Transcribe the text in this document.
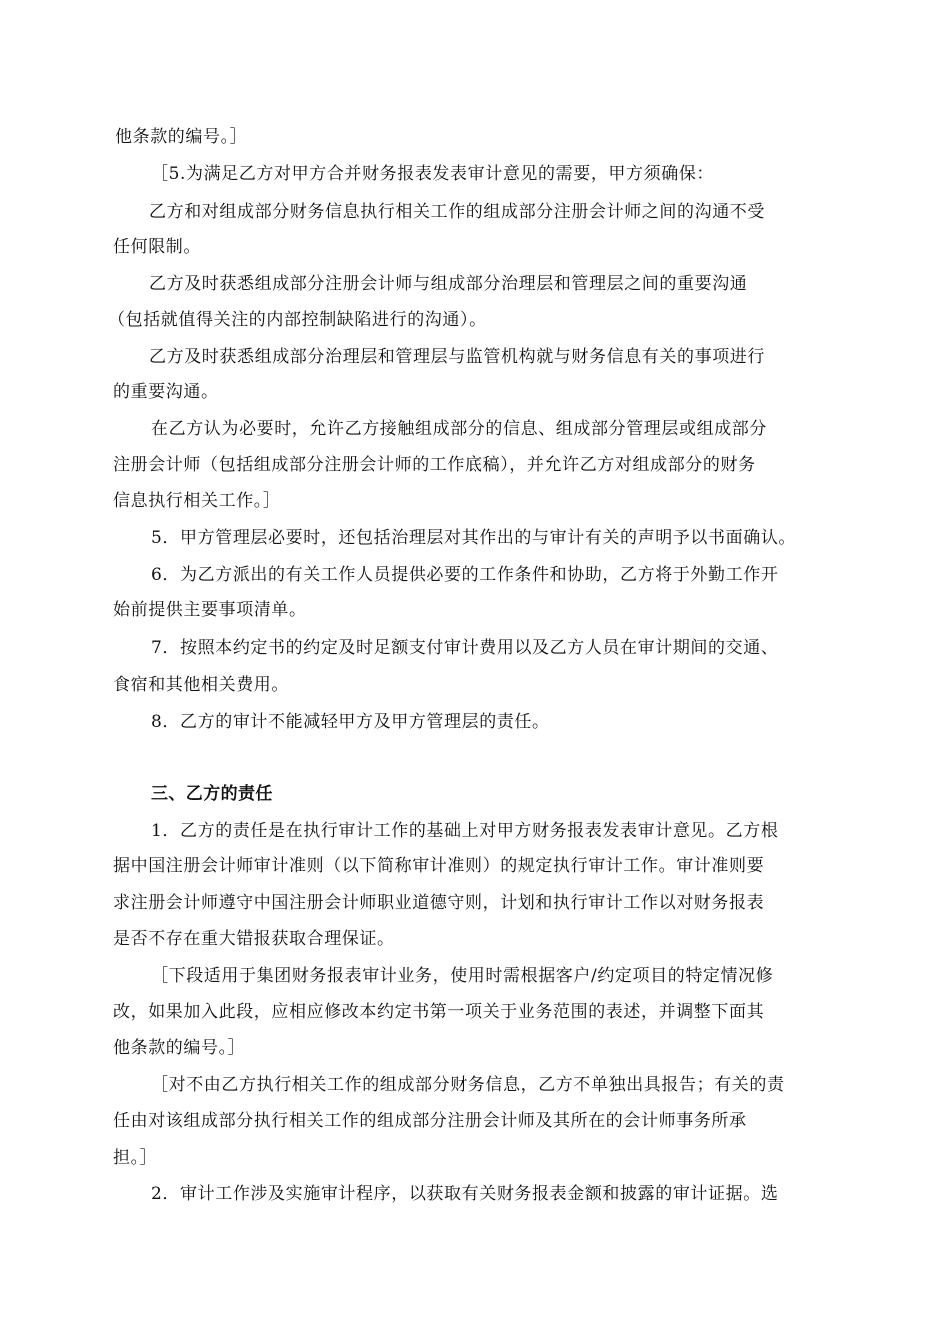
他条款的编号。］
［5.为满足乙方对甲方合并财务报表发表审计意见的需要，甲方须确保：
乙方和对组成部分财务信息执行相关工作的组成部分注册会计师之间的沟通不受
任何限制。
乙方及时获悉组成部分注册会计师与组成部分治理层和管理层之间的重要沟通
（包括就值得关注的内部控制缺陷进行的沟通）。
乙方及时获悉组成部分治理层和管理层与监管机构就与财务信息有关的事项进行
的重要沟通。
在乙方认为必要时，允许乙方接触组成部分的信息、组成部分管理层或组成部分
注册会计师（包括组成部分注册会计师的工作底稿），并允许乙方对组成部分的财务
信息执行相关工作。］
5．甲方管理层必要时，还包括治理层对其作出的与审计有关的声明予以书面确认。
6．为乙方派出的有关工作人员提供必要的工作条件和协助，乙方将于外勤工作开
始前提供主要事项清单。
7．按照本约定书的约定及时足额支付审计费用以及乙方人员在审计期间的交通、
食宿和其他相关费用。
8．乙方的审计不能减轻甲方及甲方管理层的责任。
三、乙方的责任
1．乙方的责任是在执行审计工作的基础上对甲方财务报表发表审计意见。乙方根
据中国注册会计师审计准则（以下简称审计准则）的规定执行审计工作。审计准则要
求注册会计师遵守中国注册会计师职业道德守则，计划和执行审计工作以对财务报表
是否不存在重大错报获取合理保证。
［下段适用于集团财务报表审计业务，使用时需根据客户/约定项目的特定情况修
改，如果加入此段，应相应修改本约定书第一项关于业务范围的表述，并调整下面其
他条款的编号。］
［对不由乙方执行相关工作的组成部分财务信息，乙方不单独出具报告；有关的责
任由对该组成部分执行相关工作的组成部分注册会计师及其所在的会计师事务所承
担。］
2．审计工作涉及实施审计程序，以获取有关财务报表金额和披露的审计证据。选
